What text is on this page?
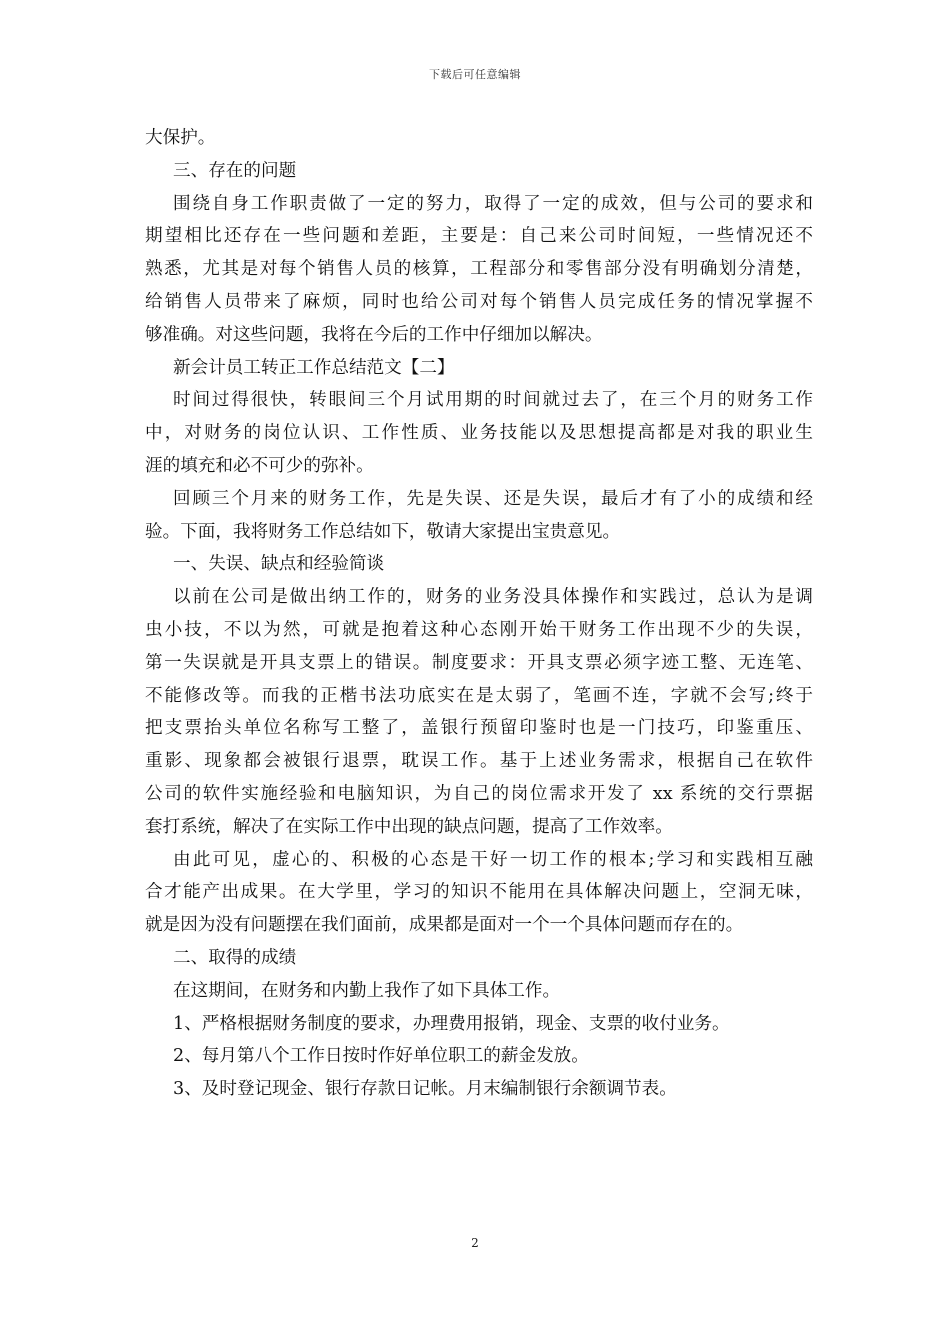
下载后可任意编辑
大保护。
三、存在的问题
围绕自身工作职责做了一定的努力，取得了一定的成效，但与公司的要求和
期望相比还存在一些问题和差距，主要是：自己来公司时间短，一些情况还不
熟悉，尤其是对每个销售人员的核算，工程部分和零售部分没有明确划分清楚，
给销售人员带来了麻烦，同时也给公司对每个销售人员完成任务的情况掌握不
够准确。对这些问题，我将在今后的工作中仔细加以解决。
新会计员工转正工作总结范文【二】
时间过得很快，转眼间三个月试用期的时间就过去了，在三个月的财务工作
中，对财务的岗位认识、工作性质、业务技能以及思想提高都是对我的职业生
涯的填充和必不可少的弥补。
回顾三个月来的财务工作，先是失误、还是失误，最后才有了小的成绩和经
验。下面，我将财务工作总结如下，敬请大家提出宝贵意见。
一、失误、缺点和经验简谈
以前在公司是做出纳工作的，财务的业务没具体操作和实践过，总认为是调
虫小技，不以为然，可就是抱着这种心态刚开始干财务工作出现不少的失误，
第一失误就是开具支票上的错误。制度要求：开具支票必须字迹工整、无连笔、
不能修改等。而我的正楷书法功底实在是太弱了，笔画不连，字就不会写;终于
把支票抬头单位名称写工整了，盖银行预留印鉴时也是一门技巧，印鉴重压、
重影、现象都会被银行退票，耽误工作。基于上述业务需求，根据自己在软件
公司的软件实施经验和电脑知识，为自己的岗位需求开发了 xx 系统的交行票据
套打系统，解决了在实际工作中出现的缺点问题，提高了工作效率。
由此可见，虚心的、积极的心态是干好一切工作的根本;学习和实践相互融
合才能产出成果。在大学里，学习的知识不能用在具体解决问题上，空洞无味，
就是因为没有问题摆在我们面前，成果都是面对一个一个具体问题而存在的。
二、取得的成绩
在这期间，在财务和内勤上我作了如下具体工作。
1、严格根据财务制度的要求，办理费用报销，现金、支票的收付业务。
2、每月第八个工作日按时作好单位职工的薪金发放。
3、及时登记现金、银行存款日记帐。月末编制银行余额调节表。
2
